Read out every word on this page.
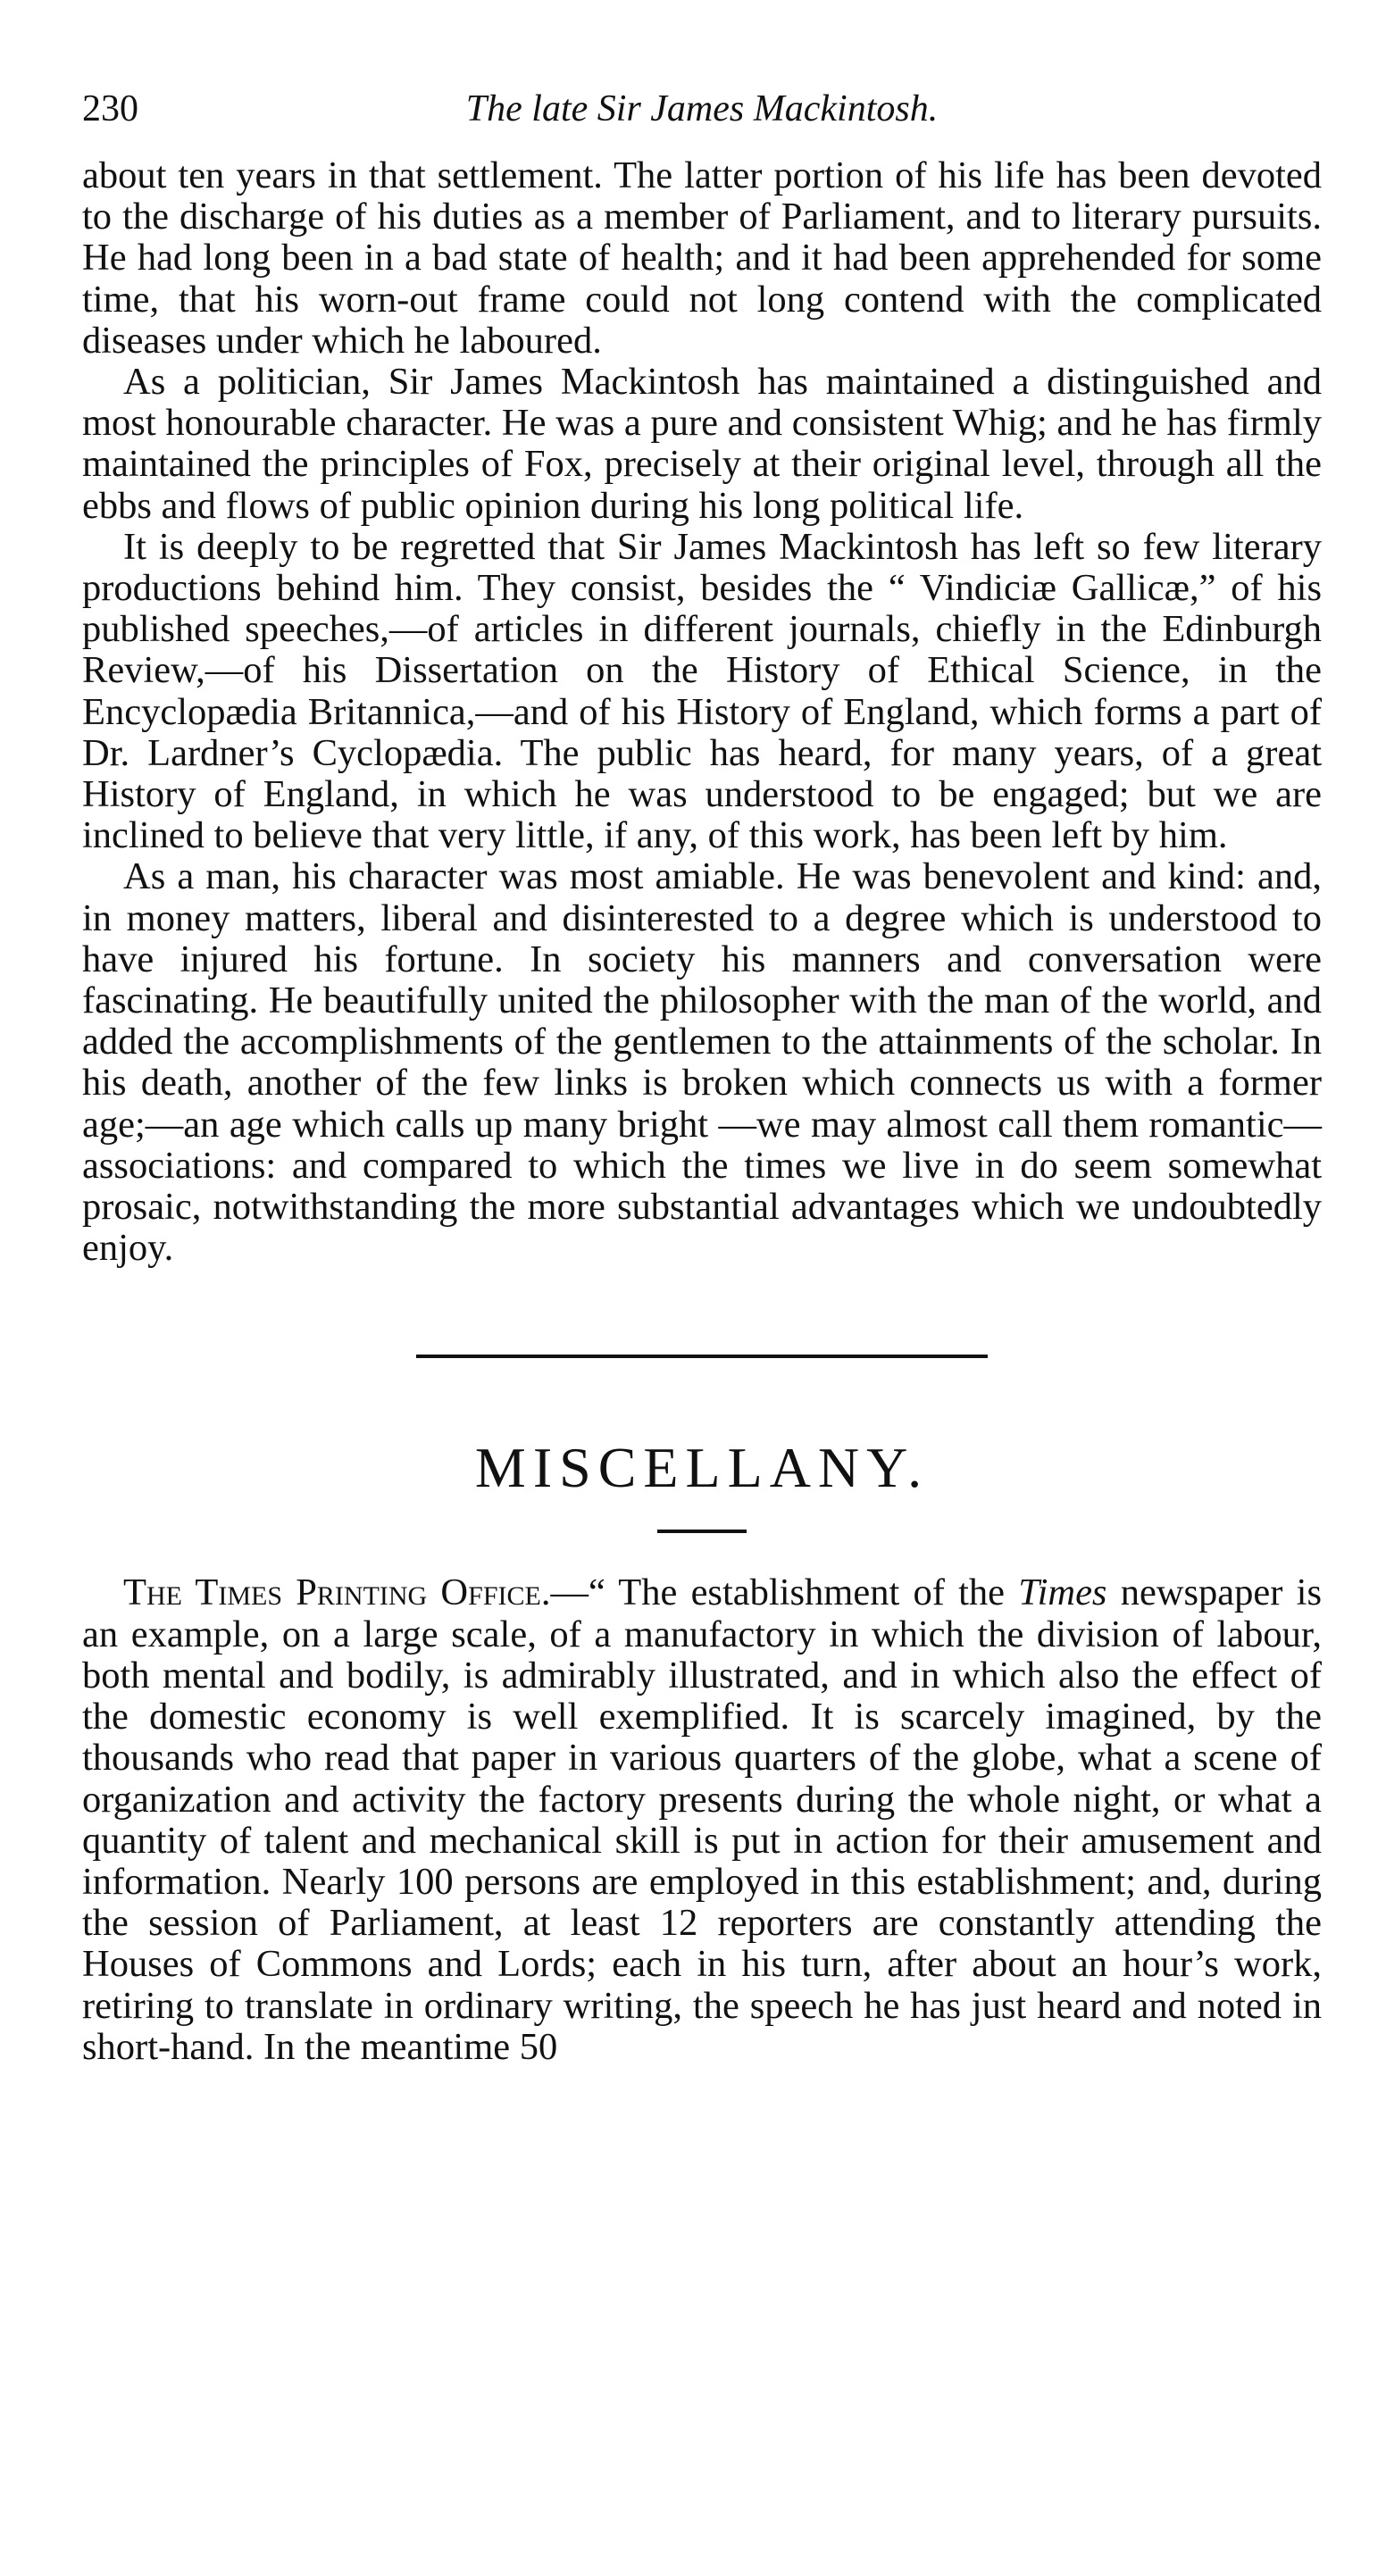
230	The late Sir James Mackintosh.

about ten years in that settlement. The latter portion of his life has been devoted to the discharge of his duties as a member of Parliament, and to literary pursuits. He had long been in a bad state of health; and it had been apprehended for some time, that his worn-out frame could not long contend with the complicated diseases under which he laboured.

As a politician, Sir James Mackintosh has maintained a distinguished and most honourable character. He was a pure and consistent Whig; and he has firmly maintained the principles of Fox, precisely at their original level, through all the ebbs and flows of public opinion during his long political life.

It is deeply to be regretted that Sir James Mackintosh has left so few literary productions behind him. They consist, besides the “ Vindiciæ Gallicæ,” of his published speeches,—of articles in different journals, chiefly in the Edinburgh Review,—of his Dissertation on the History of Ethical Science, in the Encyclopædia Britannica,—and of his History of England, which forms a part of Dr. Lardner’s Cyclopædia. The public has heard, for many years, of a great History of England, in which he was understood to be engaged; but we are inclined to believe that very little, if any, of this work, has been left by him.

As a man, his character was most amiable. He was benevolent and kind: and, in money matters, liberal and disinterested to a degree which is understood to have injured his fortune. In society his manners and conversation were fascinating. He beautifully united the philosopher with the man of the world, and added the accomplishments of the gentlemen to the attainments of the scholar. In his death, another of the few links is broken which connects us with a former age;—an age which calls up many bright —we may almost call them romantic—associations: and compared to which the times we live in do seem somewhat prosaic, notwithstanding the more substantial advantages which we undoubtedly enjoy.

MISCELLANY.

The Times Printing Office.—“ The establishment of the Times newspaper is an example, on a large scale, of a manufactory in which the division of labour, both mental and bodily, is admirably illustrated, and in which also the effect of the domestic economy is well exemplified. It is scarcely imagined, by the thousands who read that paper in various quarters of the globe, what a scene of organization and activity the factory presents during the whole night, or what a quantity of talent and mechanical skill is put in action for their amusement and information. Nearly 100 persons are employed in this establishment; and, during the session of Parliament, at least 12 reporters are constantly attending the Houses of Commons and Lords; each in his turn, after about an hour’s work, retiring to translate in ordinary writing, the speech he has just heard and noted in short-hand. In the meantime 50
